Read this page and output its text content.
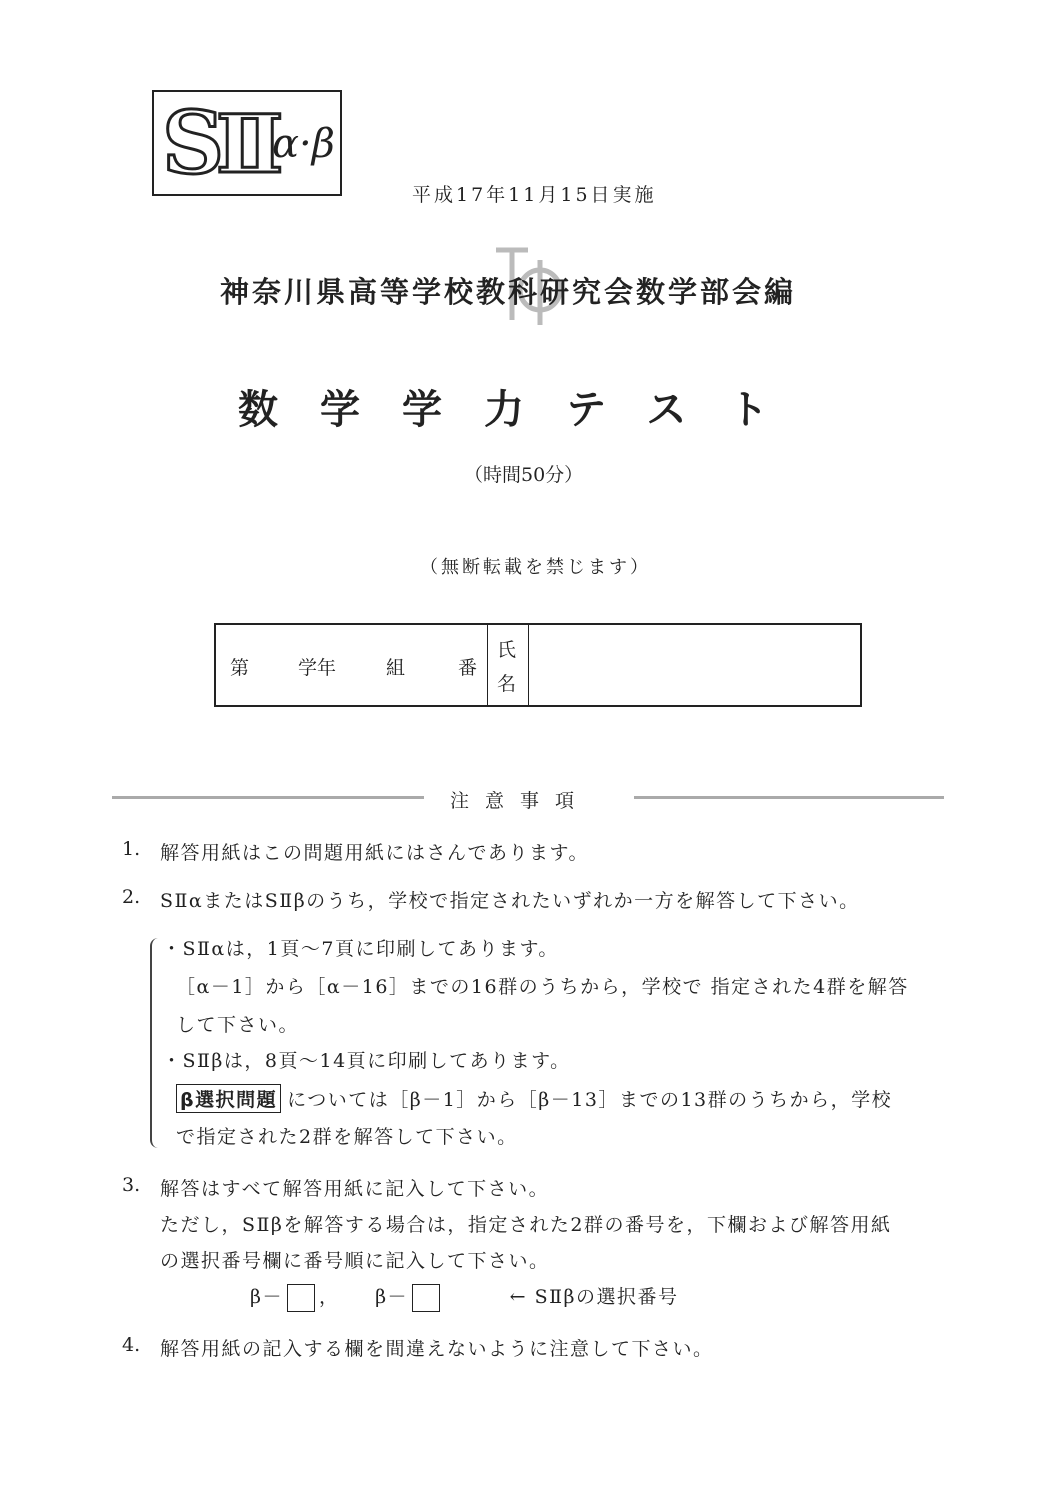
S
Ⅱ
α·β
平成17年11月15日実施
神奈川県高等学校教科研究会数学部会編
数学学力テスト
（時間50分）
（無断転載を禁じます）
第	学年	組	番
氏
名
注意事項
1. 解答用紙はこの問題用紙にはさんであります。
2. SⅡαまたはSⅡβのうち，学校で指定されたいずれか一方を解答して下さい。
・SⅡαは，1頁～7頁に印刷してあります。
［α－1］から［α－16］までの16群のうちから，学校で 指定された4群を解答
して下さい。
・SⅡβは，8頁～14頁に印刷してあります。
β選択問題 については［β－1］から［β－13］までの13群のうちから，学校
で指定された2群を解答して下さい。
3. 解答はすべて解答用紙に記入して下さい。
ただし，SⅡβを解答する場合は，指定された2群の番号を，下欄および解答用紙
の選択番号欄に番号順に記入して下さい。
β－ ， β－	← SⅡβの選択番号
4. 解答用紙の記入する欄を間違えないように注意して下さい。
